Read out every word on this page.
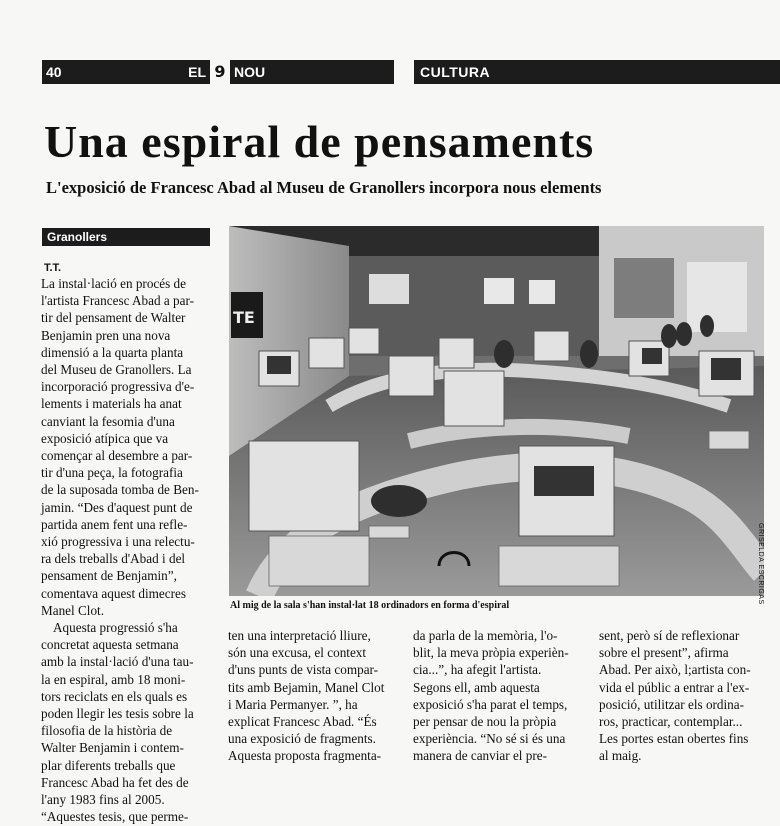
40	EL 9 NOU	CULTURA
Una espiral de pensaments
L'exposició de Francesc Abad al Museu de Granollers incorpora nous elements
Granollers
T.T.

La instal·lació en procés de

l'artista Francesc Abad a par-

tir del pensament de Walter

Benjamin pren una nova

dimensió a la quarta planta

del Museu de Granollers. La

incorporació progressiva d'e-

lements i materials ha anat

canviant la fesomia d'una

exposició atípica que va

començar al desembre a par-

tir d'una peça, la fotografia

de la suposada tomba de Ben-

jamin. “Des d'aquest punt de

partida anem fent una refle-

xió progressiva i una relectu-

ra dels treballs d'Abad i del

pensament de Benjamin”,

comentava aquest dimecres

Manel Clot.

Aquesta progressió s'ha

concretat aquesta setmana

amb la instal·lació d'una tau-

la en espiral, amb 18 moni-

tors reciclats en els quals es

poden llegir les tesis sobre la

filosofia de la història de

Walter Benjamin i contem-

plar diferents treballs que

Francesc Abad ha fet des de

l'any 1983 fins al 2005.

“Aquestes tesis, que perme-

TE
GRISELDA ESCRIGAS
Al mig de la sala s'han instal·lat 18 ordinadors en forma d'espiral

ten una interpretació lliure,

són una excusa, el context

d'uns punts de vista compar-

tits amb Bejamin, Manel Clot

i Maria Permanyer. ”, ha

explicat Francesc Abad. “És

una exposició de fragments.

Aquesta proposta fragmenta-

da parla de la memòria, l'o-

blit, la meva pròpia experièn-

cia...”, ha afegit l'artista.

Segons ell, amb aquesta

exposició s'ha parat el temps,

per pensar de nou la pròpia

experiència. “No sé si és una

manera de canviar el pre-

sent, però sí de reflexionar

sobre el present”, afirma

Abad. Per això, l;artista con-

vida el públic a entrar a l'ex-

posició, utilitzar els ordina-

ros, practicar, contemplar...

Les portes estan obertes fins

al maig.
